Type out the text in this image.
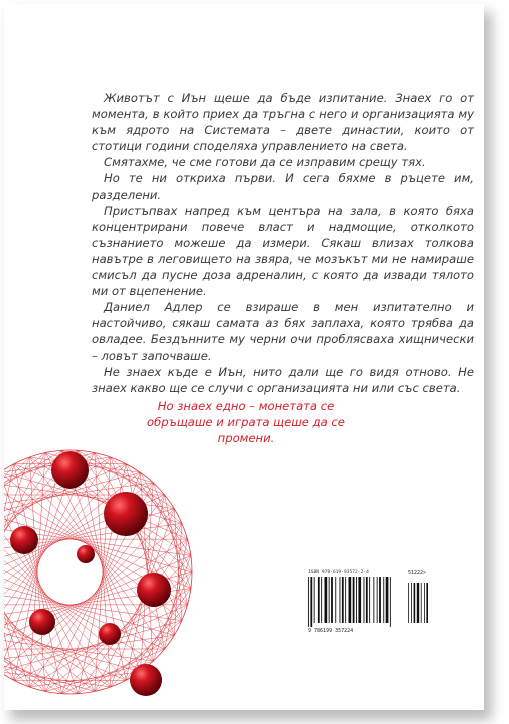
Животът с Иън щеше да бъде изпитание. Знаех го от момента, в който приех да тръгна с него и организацията му към ядрото на Системата – двете династии, които от стотици години споделяха управлението на света.

Смятахме, че сме готови да се изправим срещу тях.

Но те ни откриха първи. И сега бяхме в ръцете им, разделени.

Пристъпвах напред към центъра на зала, в която бяха концентрирани повече власт и надмощие, отколкото съзнанието можеше да измери. Сякаш влизах толкова навътре в леговището на звяра, че мозъкът ми не намираше смисъл да пусне доза адреналин, с която да извади тялото ми от вцепенение.

Даниел Адлер се взираше в мен изпитателно и настойчиво, сякаш самата аз бях заплаха, която трябва да овладее. Бездънните му черни очи проблясваха хищнически – ловът започваше.

Не знаех къде е Иън, нито дали ще го видя отново. Не знаех какво ще се случи с организацията ни или със света.

Но знаех едно – монетата се обръщаше и играта щеше да се промени.
ISBN 978-619-93572-2-4	51222>
9 786199 357224
